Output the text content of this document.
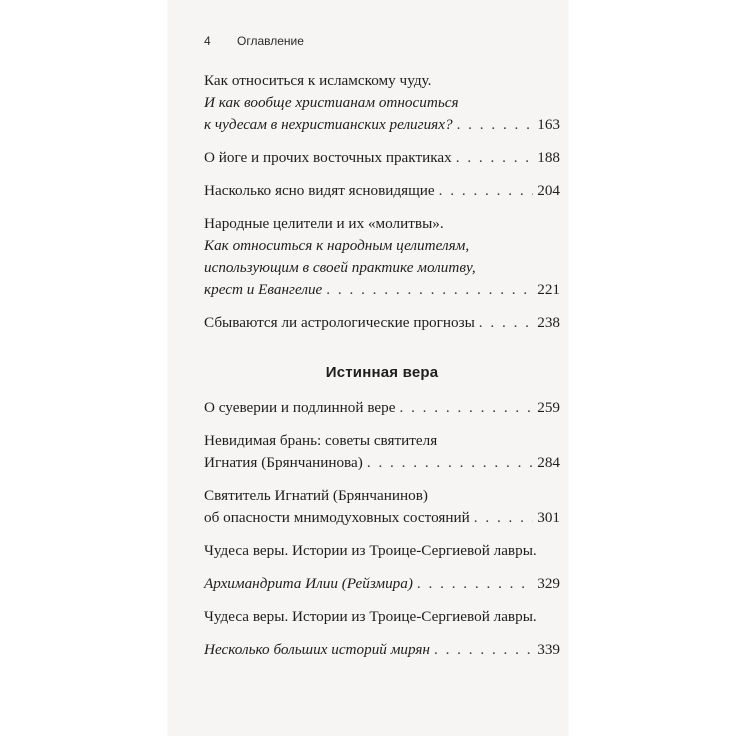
4 Оглавление
Как относиться к исламскому чуду.
И как вообще христианам относиться
к чудесам в нехристианских религиях? . . .	163
О йоге и прочих восточных практиках . . .	188
Насколько ясно видят ясновидящие . . .	204
Народные целители и их «молитвы».
Как относиться к народным целителям,
использующим в своей практике молитву,
крест и Евангелие . . .	221
Сбываются ли астрологические прогнозы . . .	238
Истинная вера
О суеверии и подлинной вере . . .	259
Невидимая брань: советы святителя
Игнатия (Брянчанинова) . . .	284
Святитель Игнатий (Брянчанинов)
об опасности мнимодуховных состояний . . .	301
Чудеса веры. Истории из Троице-Сергиевой лавры.
Архимандрита Илии (Рейзмира) . . .	329
Чудеса веры. Истории из Троице-Сергиевой лавры.
Несколько больших историй мирян . . .	339
